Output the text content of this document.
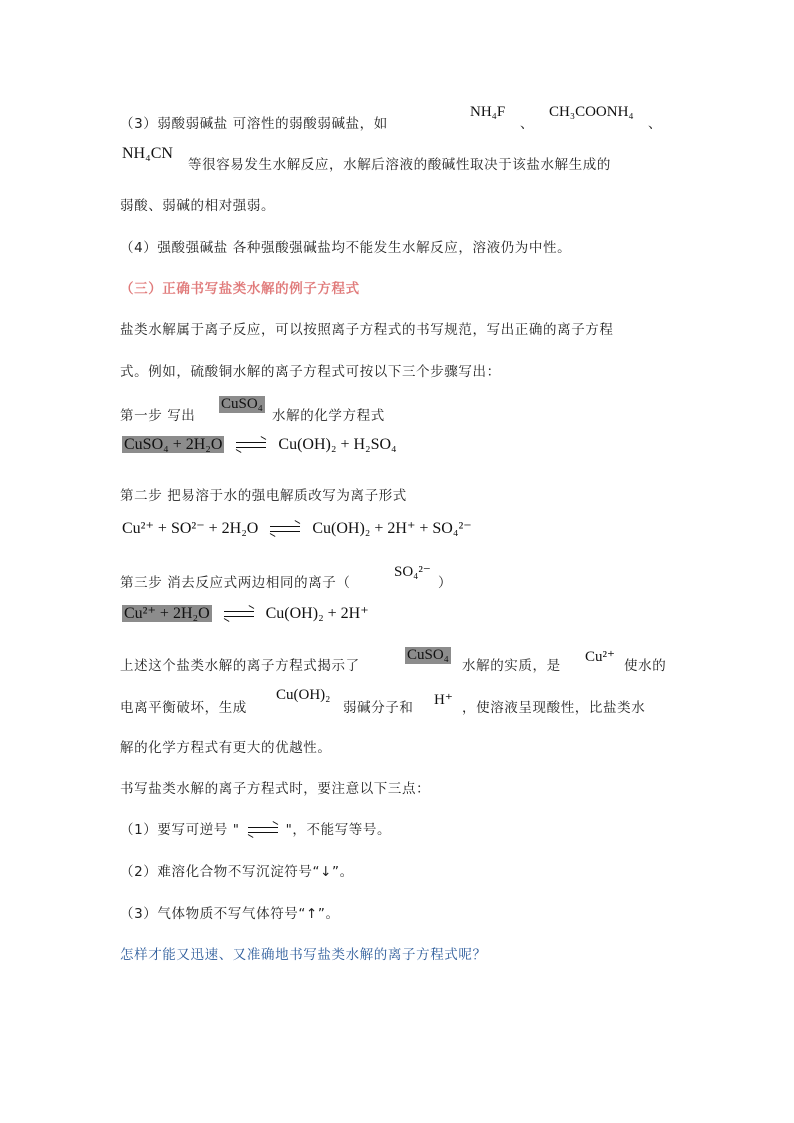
（3）弱酸弱碱盐 可溶性的弱酸弱碱盐，如
NH₄F
、
CH₃COONH₄
、
NH₄CN
等很容易发生水解反应，水解后溶液的酸碱性取决于该盐水解生成的
弱酸、弱碱的相对强弱。
（4）强酸强碱盐 各种强酸强碱盐均不能发生水解反应，溶液仍为中性。
（三）正确书写盐类水解的例子方程式
盐类水解属于离子反应，可以按照离子方程式的书写规范，写出正确的离子方程
式。例如，硫酸铜水解的离子方程式可按以下三个步骤写出：
第一步 写出
CuSO₄
水解的化学方程式
CuSO₄ + 2H₂O	Cu(OH)₂ + H₂SO₄
第二步 把易溶于水的强电解质改写为离子形式
Cu²⁺ + SO²⁻ + 2H₂O	Cu(OH)₂ + 2H⁺ + SO₄²⁻
第三步 消去反应式两边相同的离子（
SO₄²⁻
）
Cu²⁺ + 2H₂O	Cu(OH)₂ + 2H⁺
上述这个盐类水解的离子方程式揭示了
CuSO₄
水解的实质，是
Cu²⁺
使水的
电离平衡破坏，生成
Cu(OH)₂
弱碱分子和 H⁺ ，使溶液呈现酸性，比盐类水
解的化学方程式有更大的优越性。
书写盐类水解的离子方程式时，要注意以下三点：
（1）要写可逆号 "	"，不能写等号。
（2）难溶化合物不写沉淀符号“↓”。
（3）气体物质不写气体符号“↑”。
怎样才能又迅速、又准确地书写盐类水解的离子方程式呢？
